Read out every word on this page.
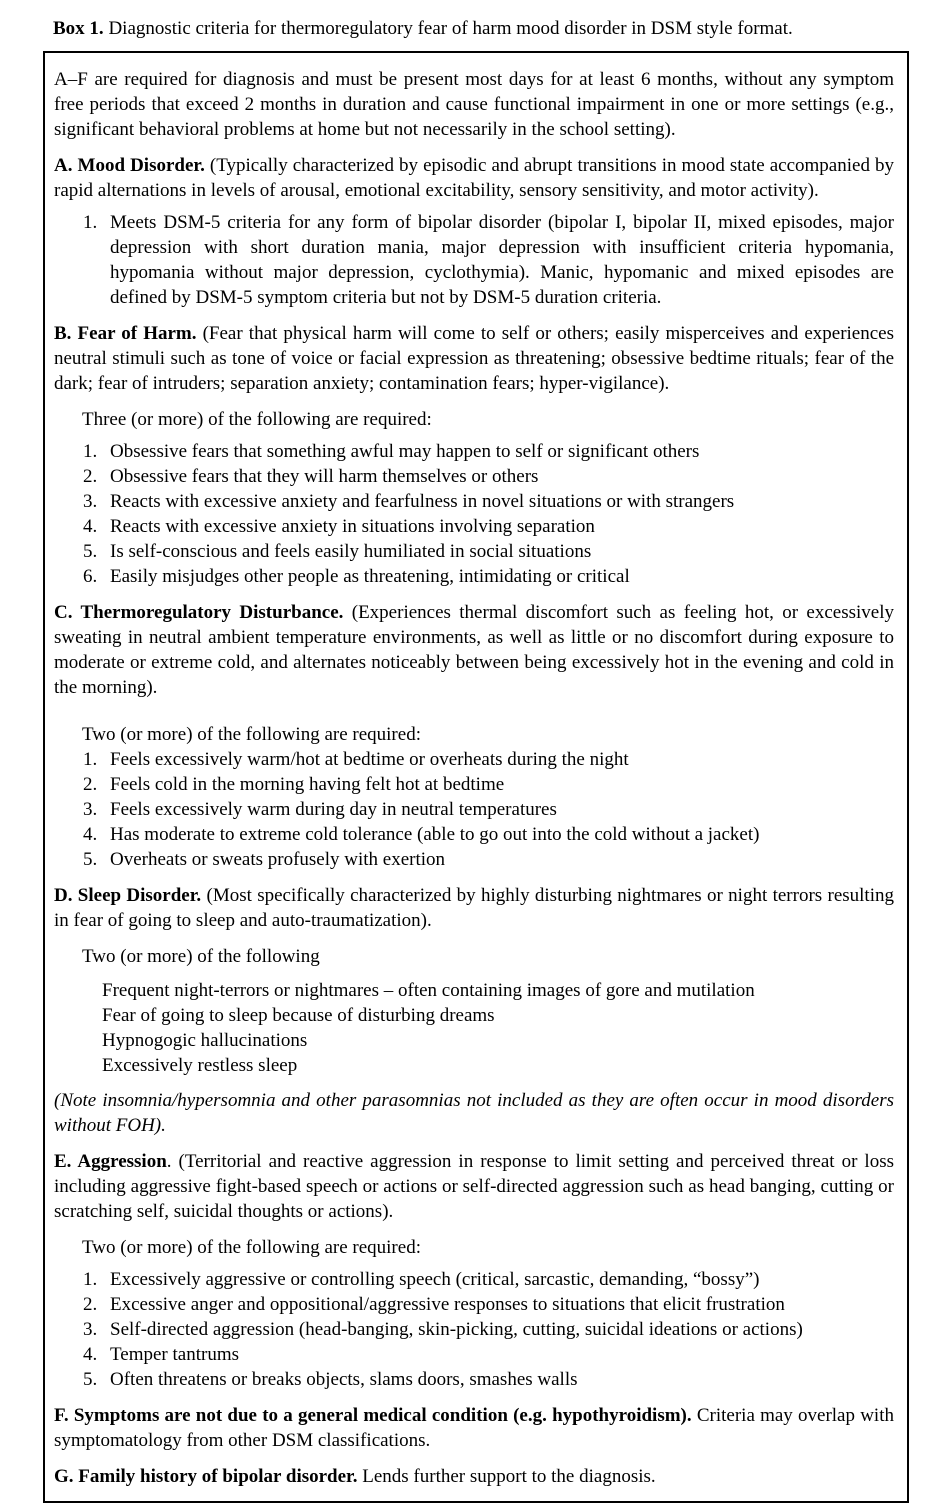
Box 1. Diagnostic criteria for thermoregulatory fear of harm mood disorder in DSM style format.

A–F are required for diagnosis and must be present most days for at least 6 months, without any symptom free periods that exceed 2 months in duration and cause functional impairment in one or more settings (e.g., significant behavioral problems at home but not necessarily in the school setting).

A. Mood Disorder. (Typically characterized by episodic and abrupt transitions in mood state accompanied by rapid alternations in levels of arousal, emotional excitability, sensory sensitivity, and motor activity).

1. Meets DSM-5 criteria for any form of bipolar disorder (bipolar I, bipolar II, mixed episodes, major depression with short duration mania, major depression with insufficient criteria hypomania, hypomania without major depression, cyclothymia). Manic, hypomanic and mixed episodes are defined by DSM-5 symptom criteria but not by DSM-5 duration criteria.

B. Fear of Harm. (Fear that physical harm will come to self or others; easily misperceives and experiences neutral stimuli such as tone of voice or facial expression as threatening; obsessive bedtime rituals; fear of the dark; fear of intruders; separation anxiety; contamination fears; hyper-vigilance).

Three (or more) of the following are required:

1. Obsessive fears that something awful may happen to self or significant others
2. Obsessive fears that they will harm themselves or others
3. Reacts with excessive anxiety and fearfulness in novel situations or with strangers
4. Reacts with excessive anxiety in situations involving separation
5. Is self-conscious and feels easily humiliated in social situations
6. Easily misjudges other people as threatening, intimidating or critical

C. Thermoregulatory Disturbance. (Experiences thermal discomfort such as feeling hot, or excessively sweating in neutral ambient temperature environments, as well as little or no discomfort during exposure to moderate or extreme cold, and alternates noticeably between being excessively hot in the evening and cold in the morning).

Two (or more) of the following are required:

1. Feels excessively warm/hot at bedtime or overheats during the night
2. Feels cold in the morning having felt hot at bedtime
3. Feels excessively warm during day in neutral temperatures
4. Has moderate to extreme cold tolerance (able to go out into the cold without a jacket)
5. Overheats or sweats profusely with exertion

D. Sleep Disorder. (Most specifically characterized by highly disturbing nightmares or night terrors resulting in fear of going to sleep and auto-traumatization).

Two (or more) of the following

Frequent night-terrors or nightmares – often containing images of gore and mutilation
Fear of going to sleep because of disturbing dreams
Hypnogogic hallucinations
Excessively restless sleep

(Note insomnia/hypersomnia and other parasomnias not included as they are often occur in mood disorders without FOH).

E. Aggression. (Territorial and reactive aggression in response to limit setting and perceived threat or loss including aggressive fight-based speech or actions or self-directed aggression such as head banging, cutting or scratching self, suicidal thoughts or actions).

Two (or more) of the following are required:

1. Excessively aggressive or controlling speech (critical, sarcastic, demanding, “bossy”)
2. Excessive anger and oppositional/aggressive responses to situations that elicit frustration
3. Self-directed aggression (head-banging, skin-picking, cutting, suicidal ideations or actions)
4. Temper tantrums
5. Often threatens or breaks objects, slams doors, smashes walls

F. Symptoms are not due to a general medical condition (e.g. hypothyroidism). Criteria may overlap with symptomatology from other DSM classifications.

G. Family history of bipolar disorder. Lends further support to the diagnosis.
